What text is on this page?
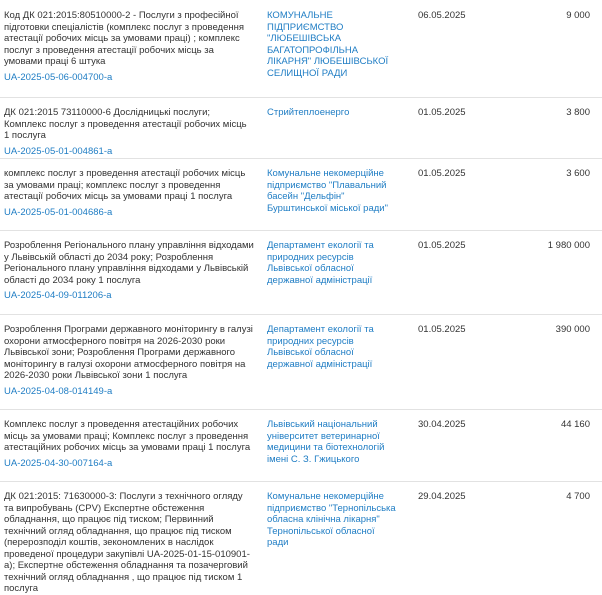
Код ДК 021:2015:80510000-2 - Послуги з професійної підготовки спеціалістів (комплекс послуг з проведення атестації робочих місць за умовами праці) ; комплекс послуг з проведення атестації робочих місць за умовами праці 6 штука
UA-2025-05-06-004700-a
КОМУНАЛЬНЕ ПІДПРИЄМСТВО "ЛЮБЕШІВСЬКА БАГАТОПРОФІЛЬНА ЛІКАРНЯ" ЛЮБЕШІВСЬКОЇ СЕЛИЩНОЇ РАДИ
06.05.2025	9 000
ДК 021:2015 73110000-6 Дослідницькі послуги; Комплекс послуг з проведення атестації робочих місць 1 послуга
UA-2025-05-01-004861-a
Стрийтеплоенерго	01.05.2025	3 800
комплекс послуг з проведення атестації робочих місць за умовами праці; комплекс послуг з проведення атестації робочих місць за умовами праці 1 послуга
UA-2025-05-01-004686-a
Комунальне некомерційне підприємство "Плавальний басейн "Дельфін" Бурштинської міської ради"
01.05.2025	3 600
Розроблення Регіонального плану управління відходами у Львівській області до 2034 року; Розроблення Регіонального плану управління відходами у Львівській області до 2034 року 1 послуга
UA-2025-04-09-011206-a
Департамент екології та природних ресурсів Львівської обласної державної адміністрації
01.05.2025	1 980 000
Розроблення Програми державного моніторингу в галузі охорони атмосферного повітря на 2026-2030 роки Львівської зони; Розроблення Програми державного моніторингу в галузі охорони атмосферного повітря на 2026-2030 роки Львівської зони 1 послуга
UA-2025-04-08-014149-a
Департамент екології та природних ресурсів Львівської обласної державної адміністрації
01.05.2025	390 000
Комплекс послуг з проведення атестаційних робочих місць за умовами праці; Комплекс послуг з проведення атестаційних робочих місць за умовами праці 1 послуга
UA-2025-04-30-007164-a
Львівський національний університет ветеринарної медицини та біотехнологій імені С. З. Гжицького
30.04.2025	44 160
ДК 021:2015: 71630000-3: Послуги з технічного огляду та випробувань (CPV) Експертне обстеження обладнання, що працює під тиском; Первинний технічний огляд обладнання, що працює під тиском (перерозподіл коштів, зекономлених в наслідок проведеної процедури закупівлі UA-2025-01-15-010901-a); Експертне обстеження обладнання та позачерговий технічний огляд обладнання , що працює під тиском 1 послуга
Комунальне некомерційне підприємство "Тернопільська обласна клінічна лікарня" Тернопільської обласної ради
29.04.2025	4 700
